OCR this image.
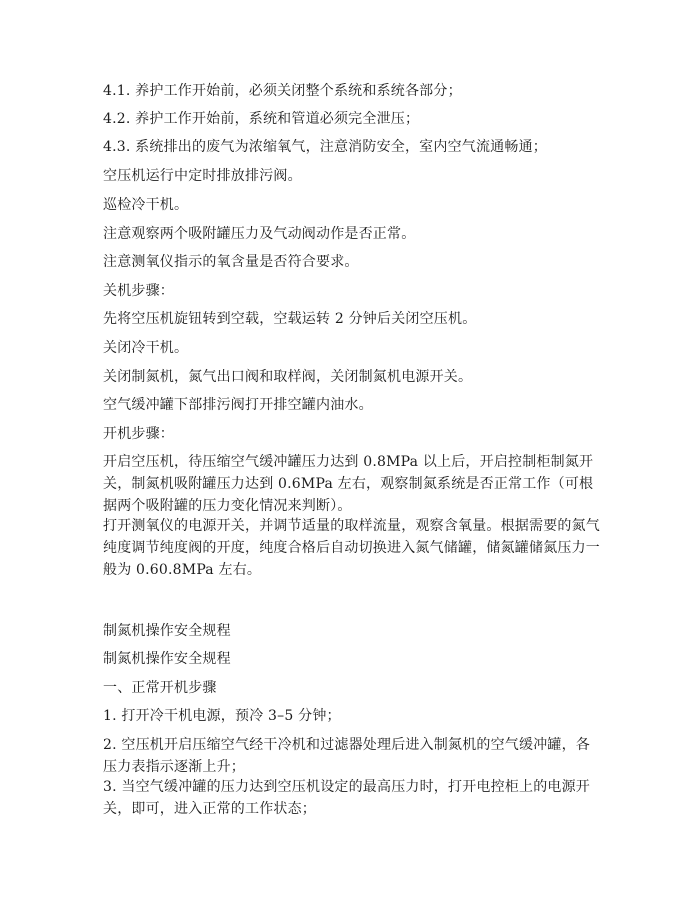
4.1. 养护工作开始前，必须关闭整个系统和系统各部分；

4.2. 养护工作开始前，系统和管道必须完全泄压；

4.3. 系统排出的废气为浓缩氧气，注意消防安全，室内空气流通畅通；

空压机运行中定时排放排污阀。

巡检冷干机。

注意观察两个吸附罐压力及气动阀动作是否正常。

注意测氧仪指示的氧含量是否符合要求。

关机步骤：

先将空压机旋钮转到空载，空载运转 2 分钟后关闭空压机。

关闭冷干机。

关闭制氮机，氮气出口阀和取样阀，关闭制氮机电源开关。

空气缓冲罐下部排污阀打开排空罐内油水。

开机步骤：

开启空压机，待压缩空气缓冲罐压力达到 0.8MPa 以上后，开启控制柜制氮开关，制氮机吸附罐压力达到 0.6MPa 左右，观察制氮系统是否正常工作（可根据两个吸附罐的压力变化情况来判断）。

打开测氧仪的电源开关，并调节适量的取样流量，观察含氧量。根据需要的氮气纯度调节纯度阀的开度，纯度合格后自动切换进入氮气储罐，储氮罐储氮压力一般为 0.60.8MPa 左右。

制氮机操作安全规程

制氮机操作安全规程

一、正常开机步骤

1. 打开冷干机电源，预冷 3–5 分钟；

2. 空压机开启压缩空气经干冷机和过滤器处理后进入制氮机的空气缓冲罐，各压力表指示逐渐上升；

3. 当空气缓冲罐的压力达到空压机设定的最高压力时，打开电控柜上的电源开关，即可，进入正常的工作状态；
